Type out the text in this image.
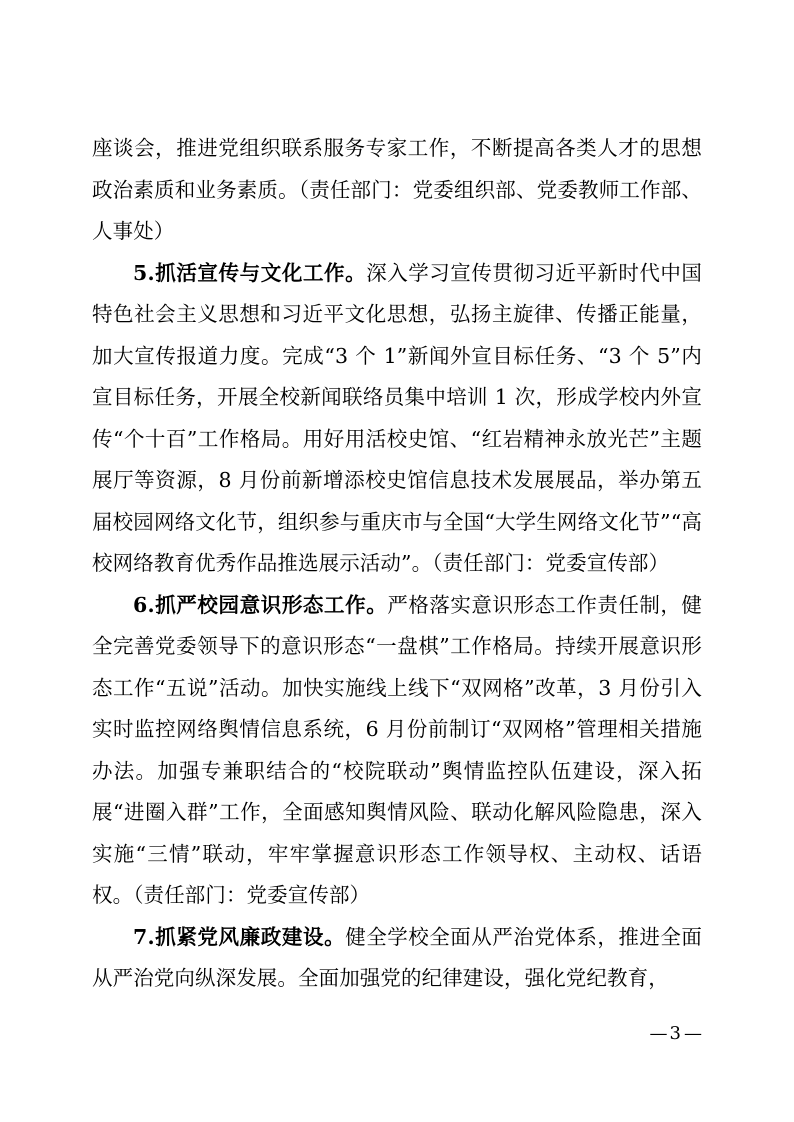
座谈会，推进党组织联系服务专家工作，不断提高各类人才的思想政治素质和业务素质。（责任部门：党委组织部、党委教师工作部、人事处）

5.抓活宣传与文化工作。深入学习宣传贯彻习近平新时代中国特色社会主义思想和习近平文化思想，弘扬主旋律、传播正能量，加大宣传报道力度。完成“3 个 1”新闻外宣目标任务、“3 个 5”内宣目标任务，开展全校新闻联络员集中培训 1 次，形成学校内外宣传“个十百”工作格局。用好用活校史馆、“红岩精神永放光芒”主题展厅等资源，8 月份前新增添校史馆信息技术发展展品，举办第五届校园网络文化节，组织参与重庆市与全国“大学生网络文化节”“高校网络教育优秀作品推选展示活动”。（责任部门：党委宣传部）

6.抓严校园意识形态工作。严格落实意识形态工作责任制，健全完善党委领导下的意识形态“一盘棋”工作格局。持续开展意识形态工作“五说”活动。加快实施线上线下“双网格”改革，3 月份引入实时监控网络舆情信息系统，6 月份前制订“双网格”管理相关措施办法。加强专兼职结合的“校院联动”舆情监控队伍建设，深入拓展“进圈入群”工作，全面感知舆情风险、联动化解风险隐患，深入实施“三情”联动，牢牢掌握意识形态工作领导权、主动权、话语权。（责任部门：党委宣传部）

7.抓紧党风廉政建设。健全学校全面从严治党体系，推进全面从严治党向纵深发展。全面加强党的纪律建设，强化党纪教育，

— 3 —
